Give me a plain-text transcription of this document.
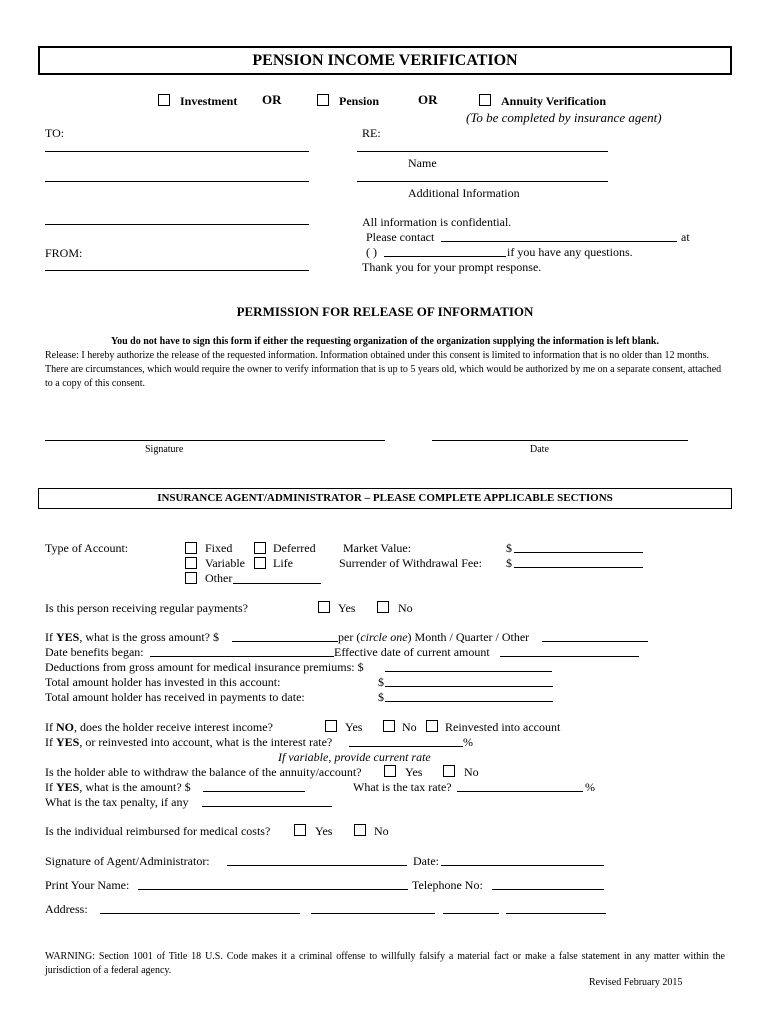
PENSION INCOME VERIFICATION
Investment OR	Pension	OR	Annuity Verification
(To be completed by insurance agent)
TO:	RE:
Name
Additional Information
FROM:
All information is confidential.
Please contact	at
( )	if you have any questions.
Thank you for your prompt response.
PERMISSION FOR RELEASE OF INFORMATION
You do not have to sign this form if either the requesting organization of the organization supplying the information is left blank.
Release: I hereby authorize the release of the requested information. Information obtained under this consent is limited to information that is no older than 12 months. There are circumstances, which would require the owner to verify information that is up to 5 years old, which would be authorized by me on a separate consent, attached to a copy of this consent.
Signature	Date
INSURANCE AGENT/ADMINISTRATOR – PLEASE COMPLETE APPLICABLE SECTIONS
Type of Account:	Fixed	Deferred
Variable Life
Other
Market Value:	$
Surrender of Withdrawal Fee: $
Is this person receiving regular payments?	Yes	No
If YES, what is the gross amount? $	per (circle one) Month / Quarter / Other
Date benefits began:	Effective date of current amount
Deductions from gross amount for medical insurance premiums: $
Total amount holder has invested in this account:	$
Total amount holder has received in payments to date:	$
If NO, does the holder receive interest income?	Yes	No Reinvested into account
If YES, or reinvested into account, what is the interest rate?	%
If variable, provide current rate
Is the holder able to withdraw the balance of the annuity/account?	Yes	No
If YES, what is the amount? $	What is the tax rate?	%
What is the tax penalty, if any
Is the individual reimbursed for medical costs?	Yes	No
Signature of Agent/Administrator:	Date:
Print Your Name:	Telephone No:
Address:
WARNING: Section 1001 of Title 18 U.S. Code makes it a criminal offense to willfully falsify a material fact or make a false statement in any matter within the jurisdiction of a federal agency.
Revised February 2015
